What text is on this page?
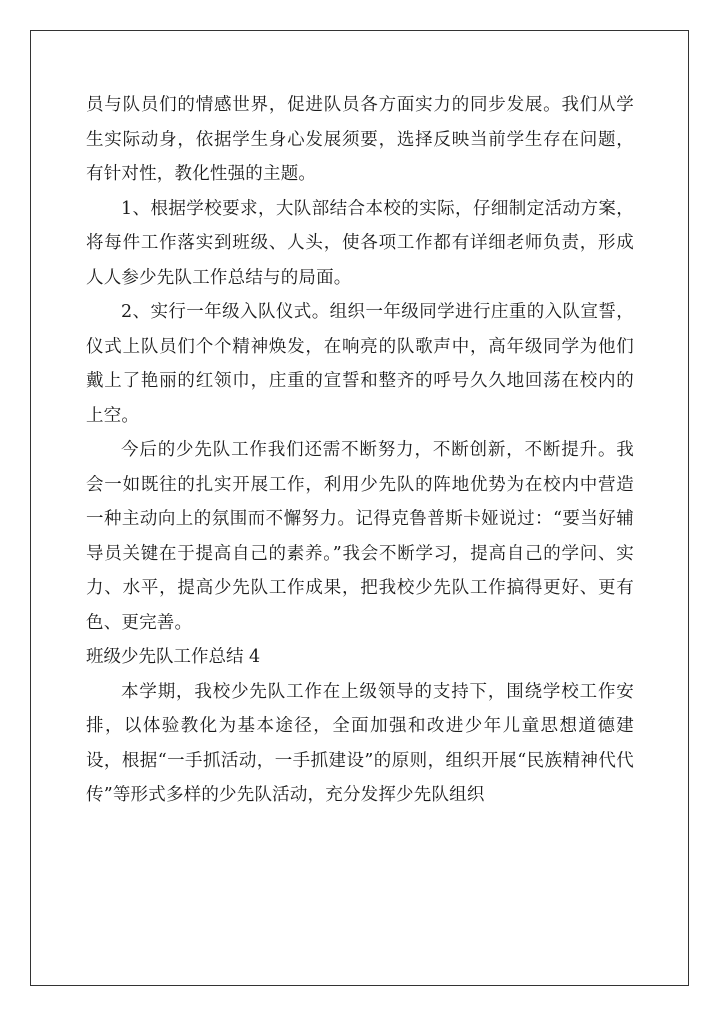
员与队员们的情感世界，促进队员各方面实力的同步发展。我们从学生实际动身，依据学生身心发展须要，选择反映当前学生存在问题，有针对性，教化性强的主题。

1、根据学校要求，大队部结合本校的实际，仔细制定活动方案，将每件工作落实到班级、人头，使各项工作都有详细老师负责，形成人人参少先队工作总结与的局面。

2、实行一年级入队仪式。组织一年级同学进行庄重的入队宣誓，仪式上队员们个个精神焕发，在响亮的队歌声中，高年级同学为他们戴上了艳丽的红领巾，庄重的宣誓和整齐的呼号久久地回荡在校内的上空。

今后的少先队工作我们还需不断努力，不断创新，不断提升。我会一如既往的扎实开展工作，利用少先队的阵地优势为在校内中营造一种主动向上的氛围而不懈努力。记得克鲁普斯卡娅说过：“要当好辅导员关键在于提高自己的素养。”我会不断学习，提高自己的学问、实力、水平，提高少先队工作成果，把我校少先队工作搞得更好、更有色、更完善。

班级少先队工作总结 4

本学期，我校少先队工作在上级领导的支持下，围绕学校工作安排，以体验教化为基本途径，全面加强和改进少年儿童思想道德建设，根据“一手抓活动，一手抓建设”的原则，组织开展“民族精神代代传”等形式多样的少先队活动，充分发挥少先队组织
